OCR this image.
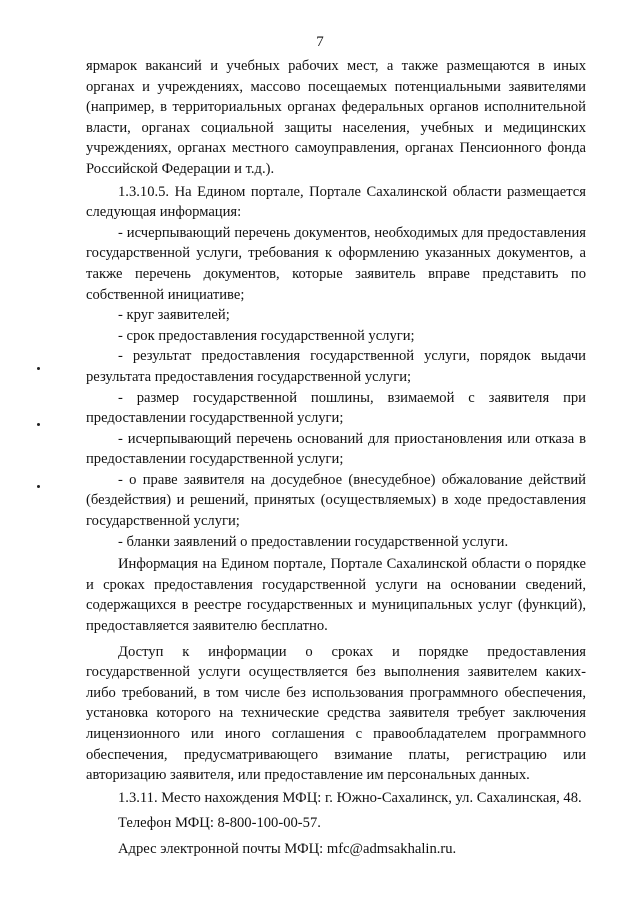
7

ярмарок вакансий и учебных рабочих мест, а также размещаются в иных органах и учреждениях, массово посещаемых потенциальными заявителями (например, в территориальных органах федеральных органов исполнительной власти, органах социальной защиты населения, учебных и медицинских учреждениях, органах местного самоуправления, органах Пенсионного фонда Российской Федерации и т.д.).

1.3.10.5. На Едином портале, Портале Сахалинской области размещается следующая информация:

- исчерпывающий перечень документов, необходимых для предоставления государственной услуги, требования к оформлению указанных документов, а также перечень документов, которые заявитель вправе представить по собственной инициативе;

- круг заявителей;

- срок предоставления государственной услуги;

- результат предоставления государственной услуги, порядок выдачи результата предоставления государственной услуги;

- размер государственной пошлины, взимаемой с заявителя при предоставлении государственной услуги;

- исчерпывающий перечень оснований для приостановления или отказа в предоставлении государственной услуги;

- о праве заявителя на досудебное (внесудебное) обжалование действий (бездействия) и решений, принятых (осуществляемых) в ходе предоставления государственной услуги;

- бланки заявлений о предоставлении государственной услуги.

Информация на Едином портале, Портале Сахалинской области о порядке и сроках предоставления государственной услуги на основании сведений, содержащихся в реестре государственных и муниципальных услуг (функций), предоставляется заявителю бесплатно.

Доступ к информации о сроках и порядке предоставления государственной услуги осуществляется без выполнения заявителем каких-либо требований, в том числе без использования программного обеспечения, установка которого на технические средства заявителя требует заключения лицензионного или иного соглашения с правообладателем программного обеспечения, предусматривающего взимание платы, регистрацию или авторизацию заявителя, или предоставление им персональных данных.

1.3.11. Место нахождения МФЦ: г. Южно-Сахалинск, ул. Сахалинская, 48.

Телефон МФЦ: 8-800-100-00-57.

Адрес электронной почты МФЦ: mfc@admsakhalin.ru.
